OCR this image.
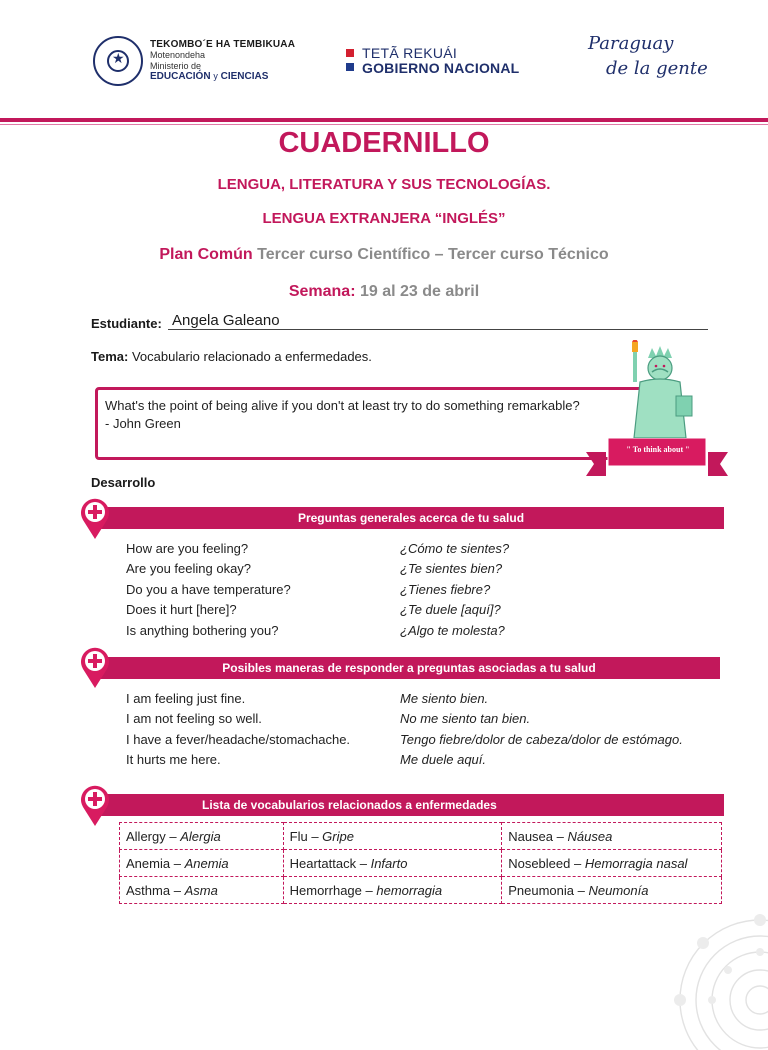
★
TEKOMBO´E HA TEMBIKUAA
Motenondeha
Ministerio de
EDUCACIÓN y CIENCIAS
TETÃ REKUÁI
GOBIERNO NACIONAL
Paraguay
de la gente
CUADERNILLO
LENGUA, LITERATURA Y SUS TECNOLOGÍAS.
LENGUA EXTRANJERA “INGLÉS”
Plan Común Tercer curso Científico – Tercer curso Técnico
Semana: 19 al 23 de abril
Estudiante: Angela Galeano
Tema: Vocabulario relacionado a enfermedades.
What's the point of being alive if you don't at least try to do something remarkable?
- John Green
" To think about "
Desarrollo
Preguntas generales acerca de tu salud
How are you feeling?	¿Cómo te sientes?
Are you feeling okay?	¿Te sientes bien?
Do you a have temperature?	¿Tienes fiebre?
Does it hurt [here]?	¿Te duele [aquí]?
Is anything bothering you?	¿Algo te molesta?
Posibles maneras de responder a preguntas asociadas a tu salud
I am feeling just fine.	Me siento bien.
I am not feeling so well.	No me siento tan bien.
I have a fever/headache/stomachache.	Tengo fiebre/dolor de cabeza/dolor de estómago.
It hurts me here.	Me duele aquí.
Lista de vocabularios relacionados a enfermedades
Allergy – Alergia	Flu – Gripe	Nausea – Náusea
Anemia – Anemia	Heartattack – Infarto	Nosebleed – Hemorragia nasal
Asthma – Asma	Hemorrhage – hemorragia	Pneumonia – Neumonía
